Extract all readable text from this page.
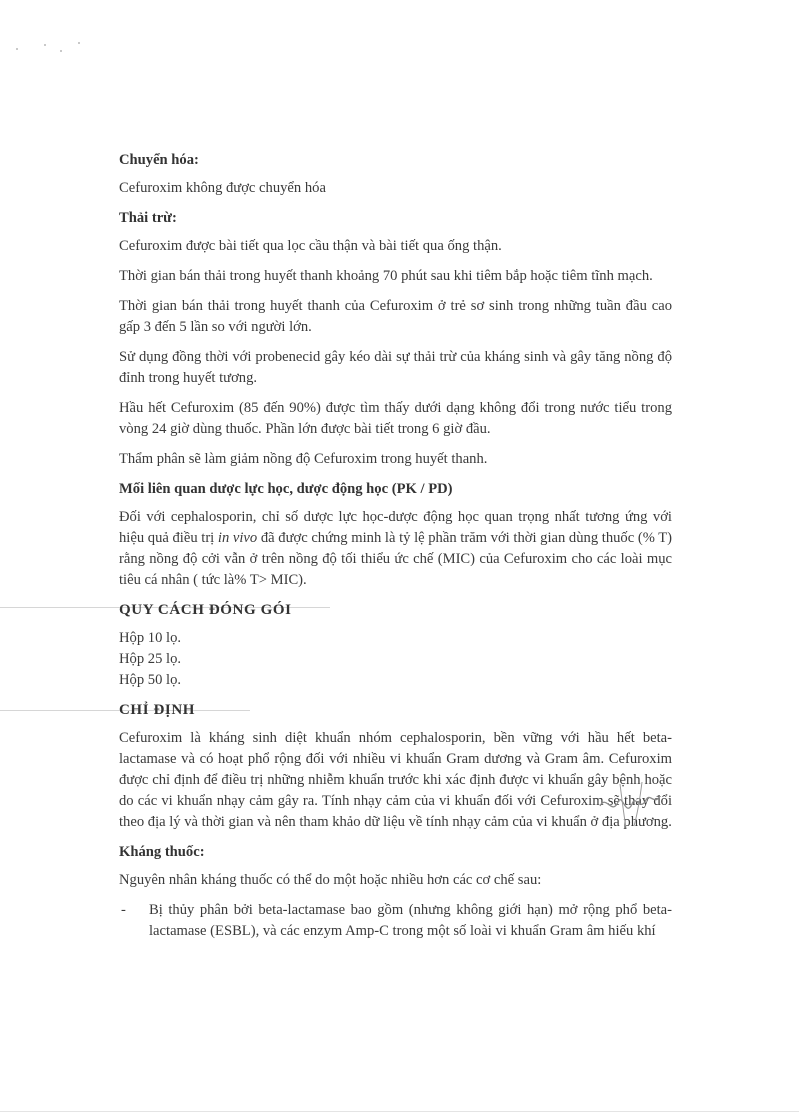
Chuyển hóa:

Cefuroxim không được chuyển hóa

Thải trừ:

Cefuroxim được bài tiết qua lọc cầu thận và bài tiết qua ống thận.

Thời gian bán thải trong huyết thanh khoảng 70 phút sau khi tiêm bắp hoặc tiêm tĩnh mạch.

Thời gian bán thải trong huyết thanh của Cefuroxim ở trẻ sơ sinh trong những tuần đầu cao gấp 3 đến 5 lần so với người lớn.

Sử dụng đồng thời với probenecid gây kéo dài sự thải trừ của kháng sinh và gây tăng nồng độ đỉnh trong huyết tương.

Hầu hết Cefuroxim (85 đến 90%) được tìm thấy dưới dạng không đổi trong nước tiểu trong vòng 24 giờ dùng thuốc. Phần lớn được bài tiết trong 6 giờ đầu.

Thẩm phân sẽ làm giảm nồng độ Cefuroxim trong huyết thanh.

Mối liên quan dược lực học, dược động học (PK / PD)

Đối với cephalosporin, chỉ số dược lực học-dược động học quan trọng nhất tương ứng với hiệu quả điều trị in vivo đã được chứng minh là tỷ lệ phần trăm với thời gian dùng thuốc (% T) rằng nồng độ cởi vẫn ở trên nồng độ tối thiểu ức chế (MIC) của Cefuroxim cho các loài mục tiêu cá nhân ( tức là% T> MIC).

QUY CÁCH ĐÓNG GÓI
Hộp 10 lọ.
Hộp 25 lọ.
Hộp 50 lọ.
CHỈ ĐỊNH

Cefuroxim là kháng sinh diệt khuẩn nhóm cephalosporin, bền vững với hầu hết beta-lactamase và có hoạt phổ rộng đối với nhiều vi khuẩn Gram dương và Gram âm. Cefuroxim được chỉ định để điều trị những nhiễm khuẩn trước khi xác định được vi khuẩn gây bệnh hoặc do các vi khuẩn nhạy cảm gây ra. Tính nhạy cảm của vi khuẩn đối với Cefuroxim sẽ thay đổi theo địa lý và thời gian và nên tham khảo dữ liệu về tính nhạy cảm của vi khuẩn ở địa phương.

Kháng thuốc:

Nguyên nhân kháng thuốc có thể do một hoặc nhiều hơn các cơ chế sau:

-	Bị thủy phân bởi beta-lactamase bao gồm (nhưng không giới hạn) mở rộng phổ beta-lactamase (ESBL), và các enzym Amp-C trong một số loài vi khuẩn Gram âm hiếu khí
